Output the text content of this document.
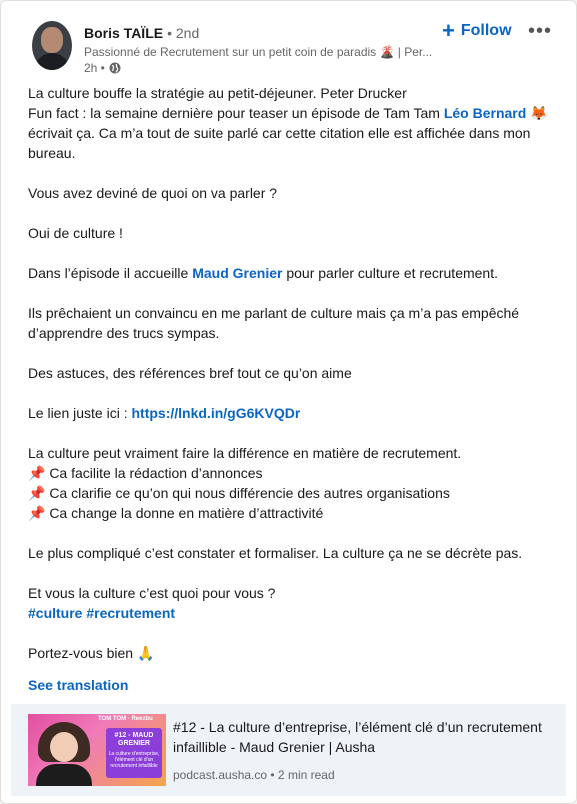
Boris TAÏLE • 2nd
Passionné de Recrutement sur un petit coin de paradis 🌋 | Per...
2h •
+ Follow •••

La culture bouffe la stratégie au petit-déjeuner. Peter Drucker

Fun fact : la semaine dernière pour teaser un épisode de Tam Tam Léo Bernard 🦊

écrivait ça. Ca m’a tout de suite parlé car cette citation elle est affichée dans mon bureau.

Vous avez deviné de quoi on va parler ?

Oui de culture !

Dans l’épisode il accueille Maud Grenier pour parler culture et recrutement.

Ils prêchaient un convaincu en me parlant de culture mais ça m’a pas empêché d’apprendre des trucs sympas.

Des astuces, des références bref tout ce qu’on aime

Le lien juste ici : https://lnkd.in/gG6KVQDr

La culture peut vraiment faire la différence en matière de recrutement.

📌 Ca facilite la rédaction d’annonces

📌 Ca clarifie ce qu’on qui nous différencie des autres organisations

📌 Ca change la donne en matière d’attractivité

Le plus compliqué c’est constater et formaliser. La culture ça ne se décrète pas.

Et vous la culture c’est quoi pour vous ?

#culture #recrutement

Portez-vous bien 🙏

See translation
TOM TOM · Reezbu
#12 - MAUD GRENIER
La culture d'entreprise, l'élément clé d'un recrutement infaillible
#12 - La culture d’entreprise, l’élément clé d’un recrutement infaillible - Maud Grenier | Ausha
podcast.ausha.co • 2 min read
